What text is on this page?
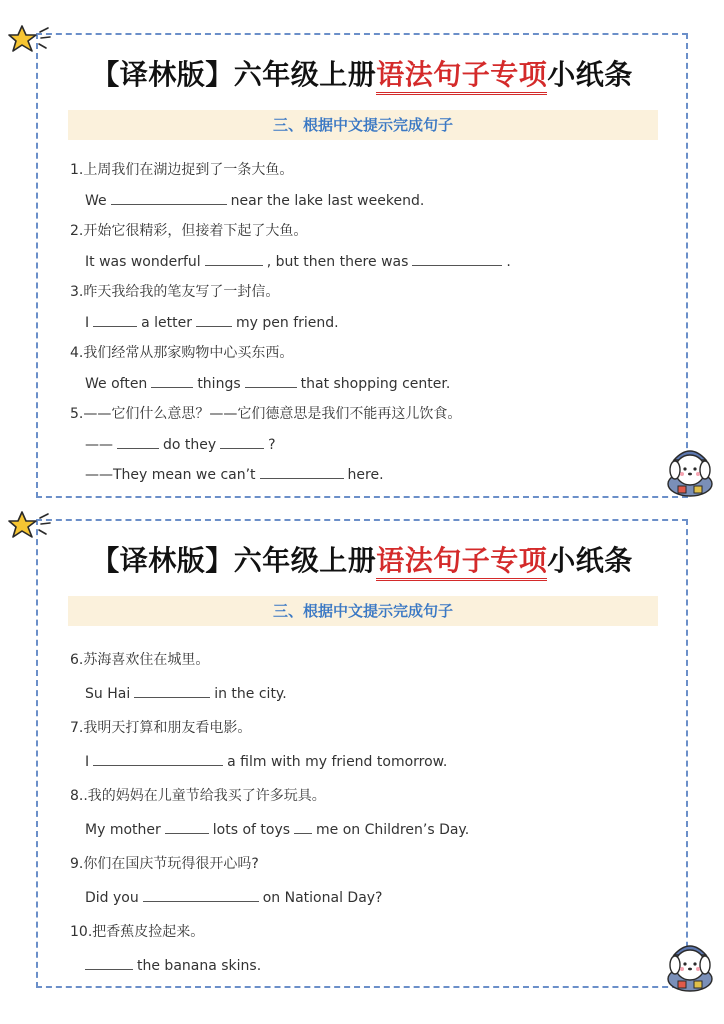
【译林版】六年级上册语法句子专项小纸条
三、根据中文提示完成句子
1.上周我们在湖边捉到了一条大鱼。
We	near the lake last weekend.
2.开始它很精彩，但接着下起了大鱼。
It was wonderful	, but then there was	.
3.昨天我给我的笔友写了一封信。
I	a letter	my pen friend.
4.我们经常从那家购物中心买东西。
We often	things	that shopping center.
5.——它们什么意思？——它们德意思是我们不能再这儿饮食。
——	do they	?
——They mean we can’t	here.
【译林版】六年级上册语法句子专项小纸条
三、根据中文提示完成句子
6.苏海喜欢住在城里。
Su Hai	in the city.
7.我明天打算和朋友看电影。
I	a film with my friend tomorrow.
8..我的妈妈在儿童节给我买了许多玩具。
My mother	lots of toys me on Children’s Day.
9.你们在国庆节玩得很开心吗?
Did you	on National Day?
10.把香蕉皮捡起来。
the banana skins.
